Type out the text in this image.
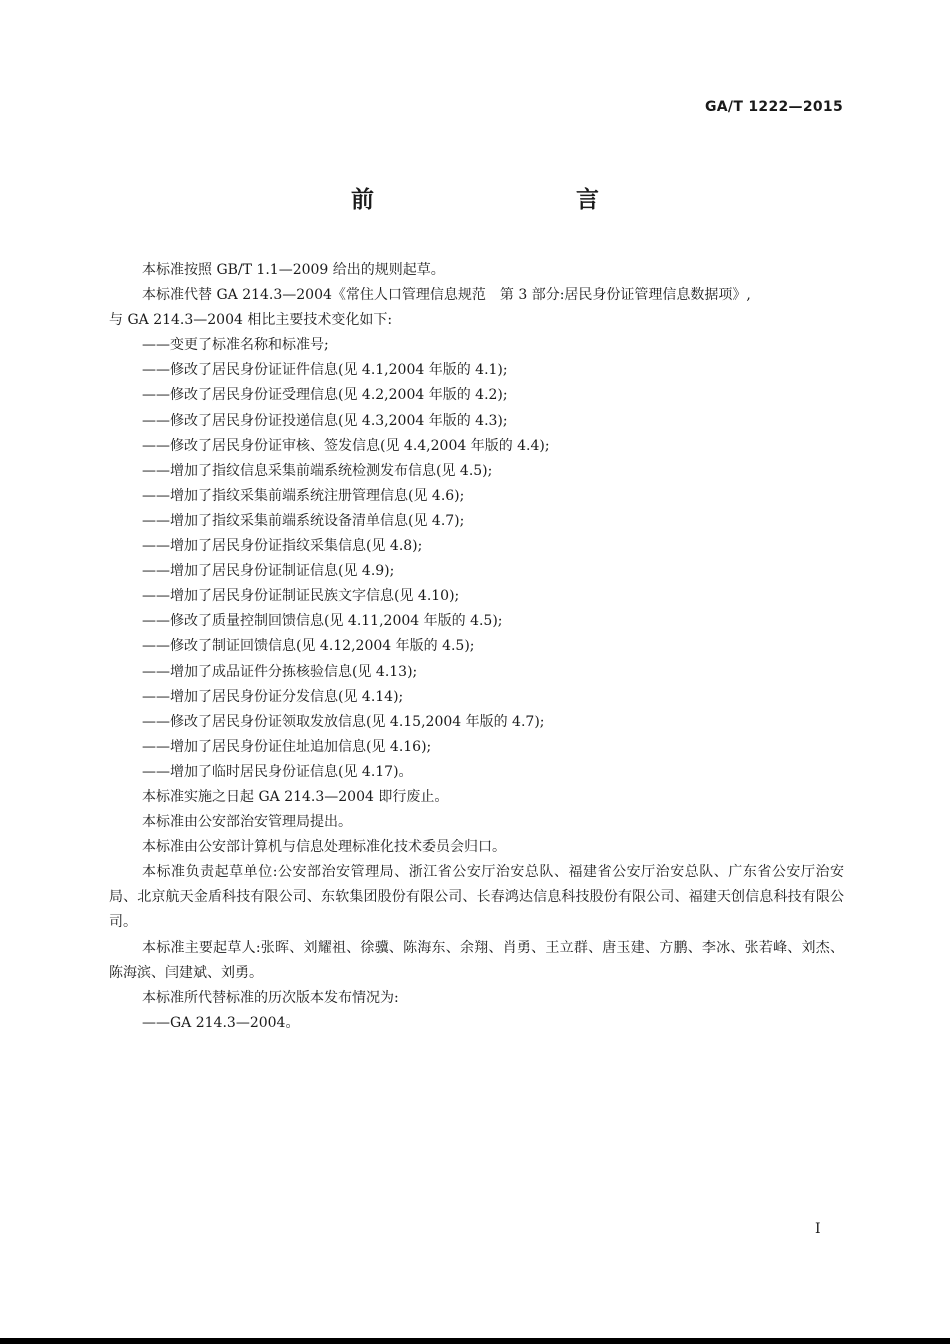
GA/T 1222—2015
前　　言

本标准按照 GB/T 1.1—2009 给出的规则起草。

本标准代替 GA 214.3—2004《常住人口管理信息规范　第 3 部分:居民身份证管理信息数据项》,

与 GA 214.3—2004 相比主要技术变化如下:

——变更了标准名称和标准号;

——修改了居民身份证证件信息(见 4.1,2004 年版的 4.1);

——修改了居民身份证受理信息(见 4.2,2004 年版的 4.2);

——修改了居民身份证投递信息(见 4.3,2004 年版的 4.3);

——修改了居民身份证审核、签发信息(见 4.4,2004 年版的 4.4);

——增加了指纹信息采集前端系统检测发布信息(见 4.5);

——增加了指纹采集前端系统注册管理信息(见 4.6);

——增加了指纹采集前端系统设备清单信息(见 4.7);

——增加了居民身份证指纹采集信息(见 4.8);

——增加了居民身份证制证信息(见 4.9);

——增加了居民身份证制证民族文字信息(见 4.10);

——修改了质量控制回馈信息(见 4.11,2004 年版的 4.5);

——修改了制证回馈信息(见 4.12,2004 年版的 4.5);

——增加了成品证件分拣核验信息(见 4.13);

——增加了居民身份证分发信息(见 4.14);

——修改了居民身份证领取发放信息(见 4.15,2004 年版的 4.7);

——增加了居民身份证住址追加信息(见 4.16);

——增加了临时居民身份证信息(见 4.17)。

本标准实施之日起 GA 214.3—2004 即行废止。

本标准由公安部治安管理局提出。

本标准由公安部计算机与信息处理标准化技术委员会归口。

本标准负责起草单位:公安部治安管理局、浙江省公安厅治安总队、福建省公安厅治安总队、广东省公安厅治安局、北京航天金盾科技有限公司、东软集团股份有限公司、长春鸿达信息科技股份有限公司、福建天创信息科技有限公司。

本标准主要起草人:张晖、刘耀祖、徐骥、陈海东、余翔、肖勇、王立群、唐玉建、方鹏、李冰、张若峰、刘杰、陈海滨、闫建斌、刘勇。

本标准所代替标准的历次版本发布情况为:

——GA 214.3—2004。

I
